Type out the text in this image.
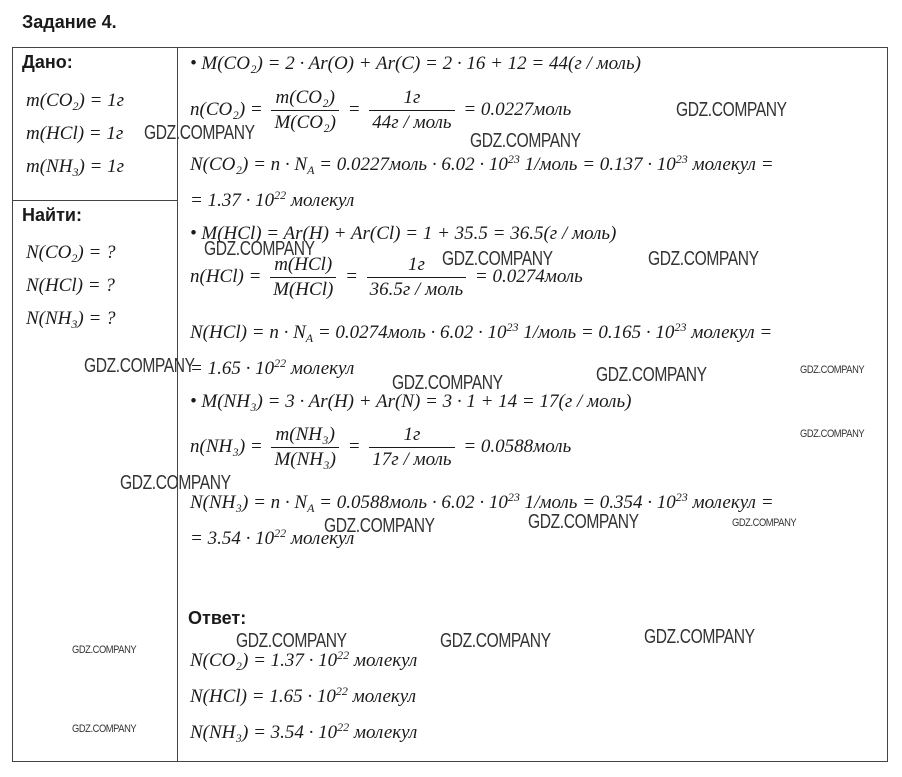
Задание 4.
Дано:
$m(CO_2) = 1г$
m(HCl) = 1г
$m(NH_3) = 1г$
Найти:
$N(CO_2)$ = ?
N(HCl) = ?
$N(NH_3)$ = ?
• M(CO₂) = 2 · Ar(O) + Ar(C) = 2 · 16 + 12 = 44(г / моль)
$n(CO_2) = \frac{\text{m(CO₂)}}{\text{M(CO₂)}} = \frac{1г}{\text{44г / моль}}$ = 0.0227моль
$N(CO_2) = n \cdot N_A$ = 0.0227моль · $6.02 \cdot 10^{23}$ 1/моль = $0.137 \cdot 10^{23}$ молекул =
= $1.37 \cdot 10^{22}$ молекул
• M(HCl) = Ar(H) + Ar(Cl) = 1 + 35.5 = 36.5(г / моль)
$n(HCl) = \frac{\text{m(HCl)}}{\text{M(HCl)}} = \frac{1г}{\text{36.5г / моль}}$ = 0.0274моль
$N(HCl) = n \cdot N_A$ = 0.0274моль · $6.02 \cdot 10^{23}$ 1/моль = $0.165 \cdot 10^{23}$ молекул =
= $1.65 \cdot 10^{22}$ молекул
• M(NH₃) = 3 · Ar(H) + Ar(N) = 3 · 1 + 14 = 17(г / моль)
$n(NH_3) = \frac{\text{m(NH₃)}}{\text{M(NH₃)}} = \frac{1г}{\text{17г / моль}}$ = 0.0588моль
$N(NH_3) = n \cdot N_A$ = 0.0588моль · $6.02 \cdot 10^{23}$ 1/моль = $0.354 \cdot 10^{23}$ молекул =
= $3.54 \cdot 10^{22}$ молекул
Ответ:
$N(CO_2) = 1.37 \cdot 10^{22}$ молекул
$N(HCl) = 1.65 \cdot 10^{22}$ молекул
$N(NH_3) = 3.54 \cdot 10^{22}$ молекул
GDZ.COMPANY	GDZ.COMPANY
GDZ.COMPANY
GDZ.COMPANY	GDZ.COMPANY	GDZ.COMPANY
GDZ.COMPANY
GDZ.COMPANY	GDZ.COMPANY	GDZ.COMPANY
GDZ.COMPANY
GDZ.COMPANY
GDZ.COMPANY	GDZ.COMPANY	GDZ.COMPANY
GDZ.COMPANY	GDZ.COMPANY	GDZ.COMPANY
GDZ.COMPANY
GDZ.COMPANY
